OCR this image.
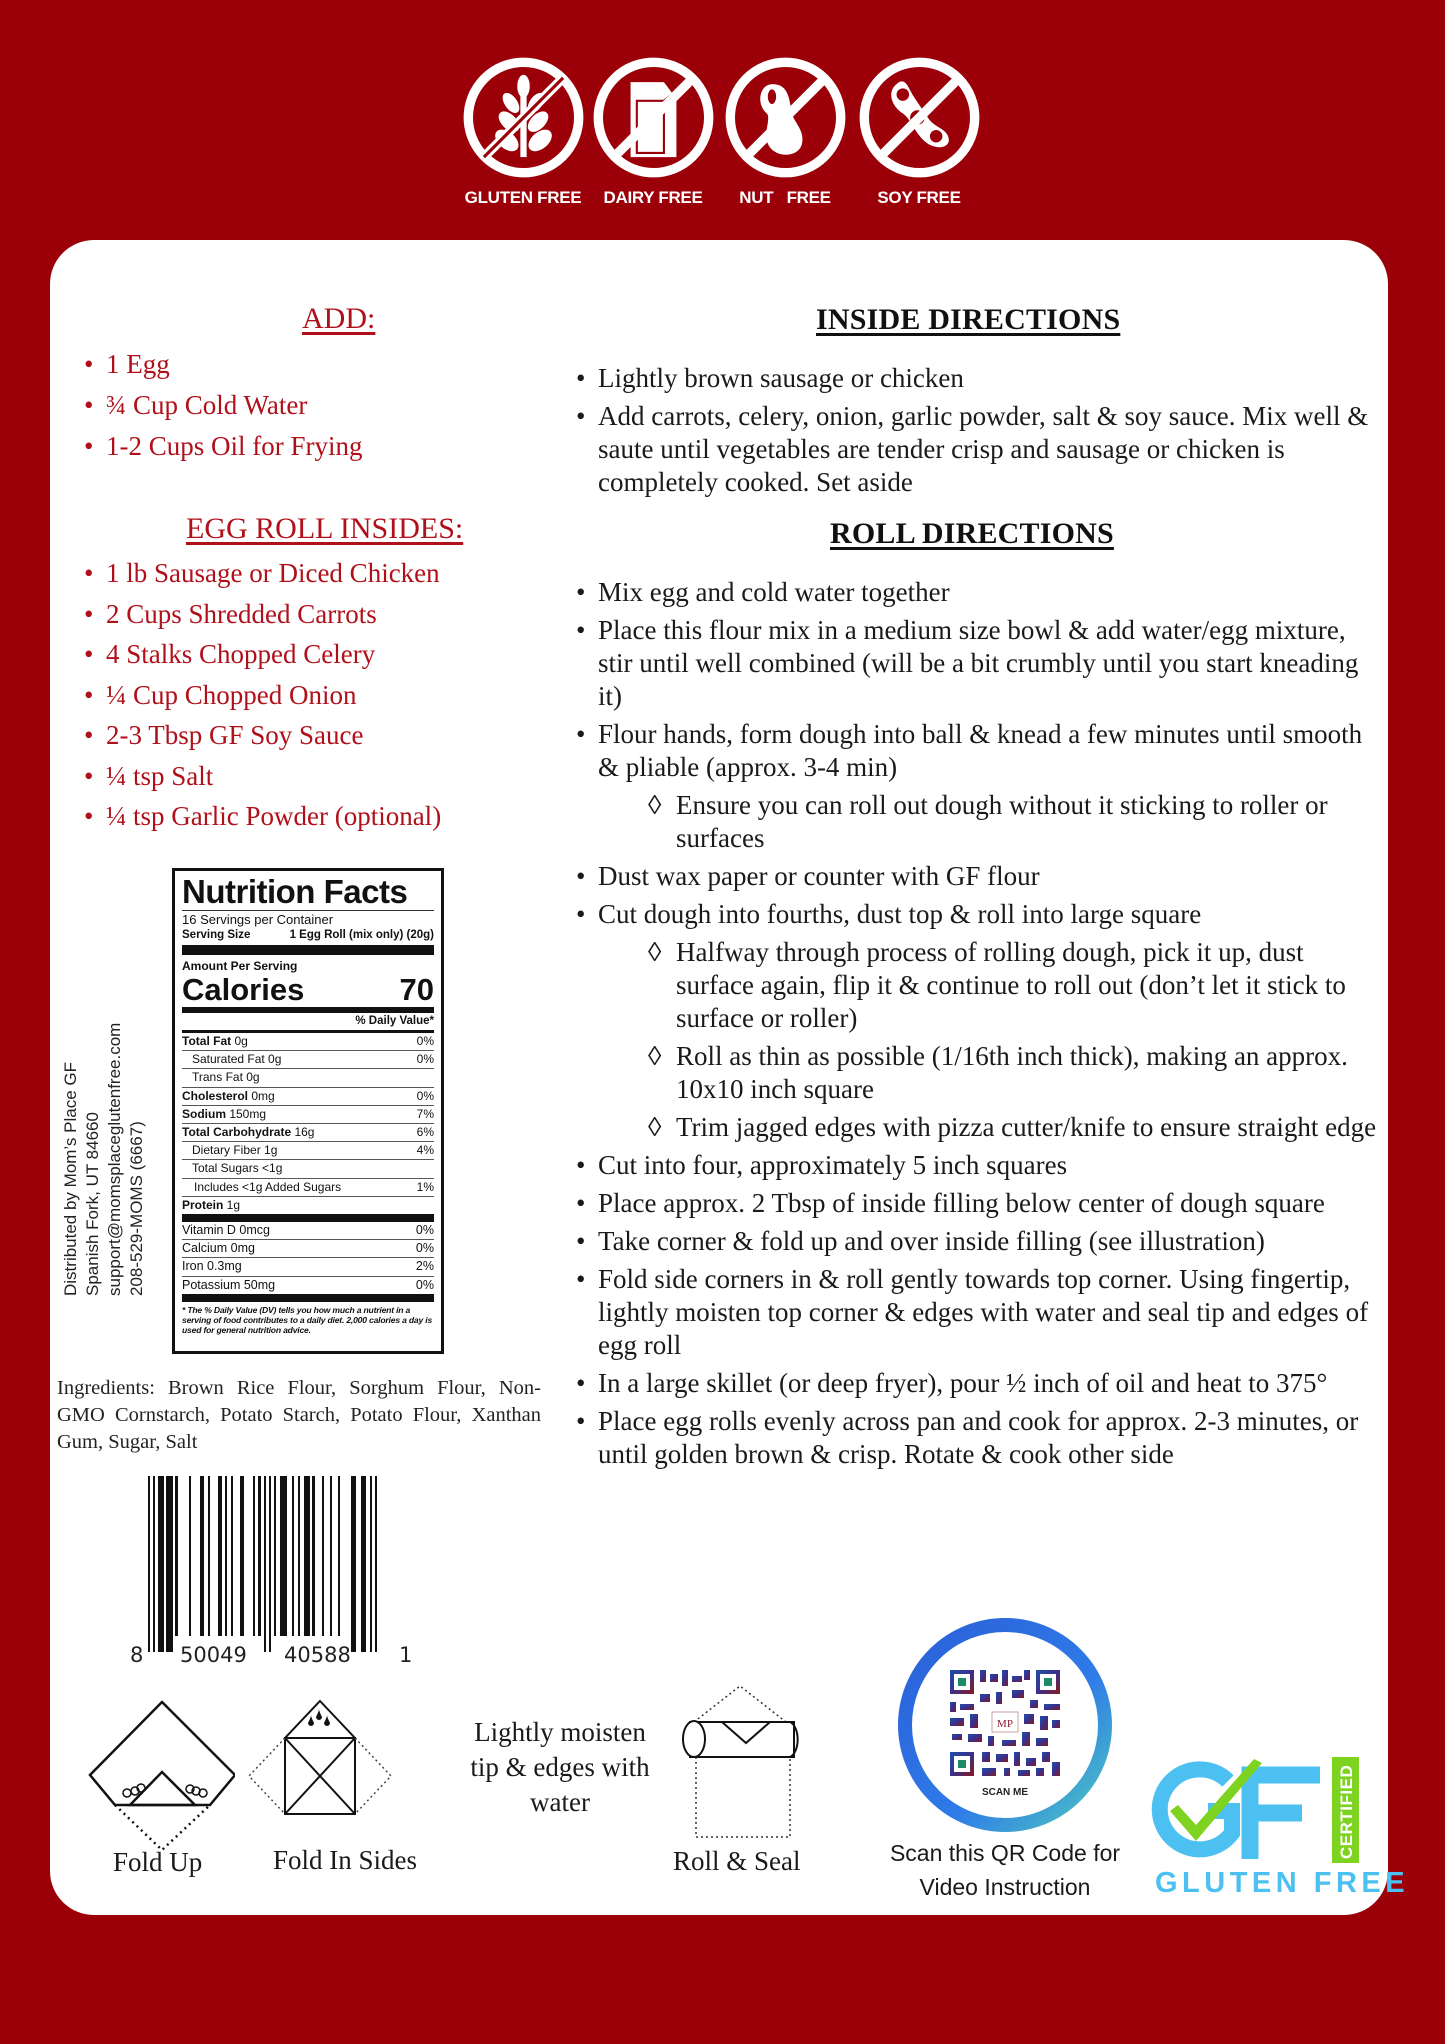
GLUTEN FREE	DAIRY FREE	NUT   FREE	SOY FREE
ADD:
• 1 Egg
• ¾ Cup Cold Water
• 1-2 Cups Oil for Frying
EGG ROLL INSIDES:
• 1 lb Sausage or Diced Chicken
• 2 Cups Shredded Carrots
• 4 Stalks Chopped Celery
• ¼ Cup Chopped Onion
• 2-3 Tbsp GF Soy Sauce
• ¼ tsp Salt
• ¼ tsp Garlic Powder (optional)
Distributed by Mom’s Place GF Spanish Fork, UT 84660 support@momsplaceglutenfree.com 208-529-MOMS (6667)
Nutrition Facts
16 Servings per Container
Serving Size	1 Egg Roll (mix only) (20g)
Amount Per Serving
Calories	70
% Daily Value*
Total Fat 0g	0%
Saturated Fat 0g	0%
Trans Fat 0g
Cholesterol 0mg	0%
Sodium 150mg	7%
Total Carbohydrate 16g	6%
Dietary Fiber 1g	4%
Total Sugars <1g
Includes <1g Added Sugars	1%
Protein 1g
Vitamin D 0mcg	0%
Calcium 0mg	0%
Iron 0.3mg	2%
Potassium 50mg	0%
* The % Daily Value (DV) tells you how much a nutrient in a serving of food contributes to a daily diet. 2,000 calories a day is used for general nutrition advice.
Ingredients: Brown Rice Flour, Sorghum Flour, Non-GMO Cornstarch, Potato Starch, Potato Flour, Xanthan Gum, Sugar, Salt
8 50049 40588 1
INSIDE DIRECTIONS
• Lightly brown sausage or chicken
• Add carrots, celery, onion, garlic powder, salt & soy sauce. Mix well & saute until vegetables are tender crisp and sausage or chicken is completely cooked. Set aside
ROLL DIRECTIONS
• Mix egg and cold water together
• Place this flour mix in a medium size bowl & add water/egg mixture, stir until well combined (will be a bit crumbly until you start kneading it)
• Flour hands, form dough into ball & knead a few minutes until smooth & pliable (approx. 3-4 min)
◊ Ensure you can roll out dough without it sticking to roller or surfaces
• Dust wax paper or counter with GF flour
• Cut dough into fourths, dust top & roll into large square
◊ Halfway through process of rolling dough, pick it up, dust surface again, flip it & continue to roll out (don’t let it stick to surface or roller)
◊ Roll as thin as possible (1/16th inch thick), making an approx. 10x10 inch square
◊ Trim jagged edges with pizza cutter/knife to ensure straight edge
• Cut into four, approximately 5 inch squares
• Place approx. 2 Tbsp of inside filling below center of dough square
• Take corner & fold up and over inside filling (see illustration)
• Fold side corners in & roll gently towards top corner. Using fingertip, lightly moisten top corner & edges with water and seal tip and edges of egg roll
• In a large skillet (or deep fryer), pour ½ inch of oil and heat to 375°
• Place egg rolls evenly across pan and cook for approx. 2-3 minutes, or until golden brown & crisp. Rotate & cook other side
Fold Up	Fold In Sides
Lightly moisten tip & edges with water
Roll & Seal
MP
SCAN ME
Scan this QR Code for
Video Instruction
CERTIFIED
GLUTEN FREE
